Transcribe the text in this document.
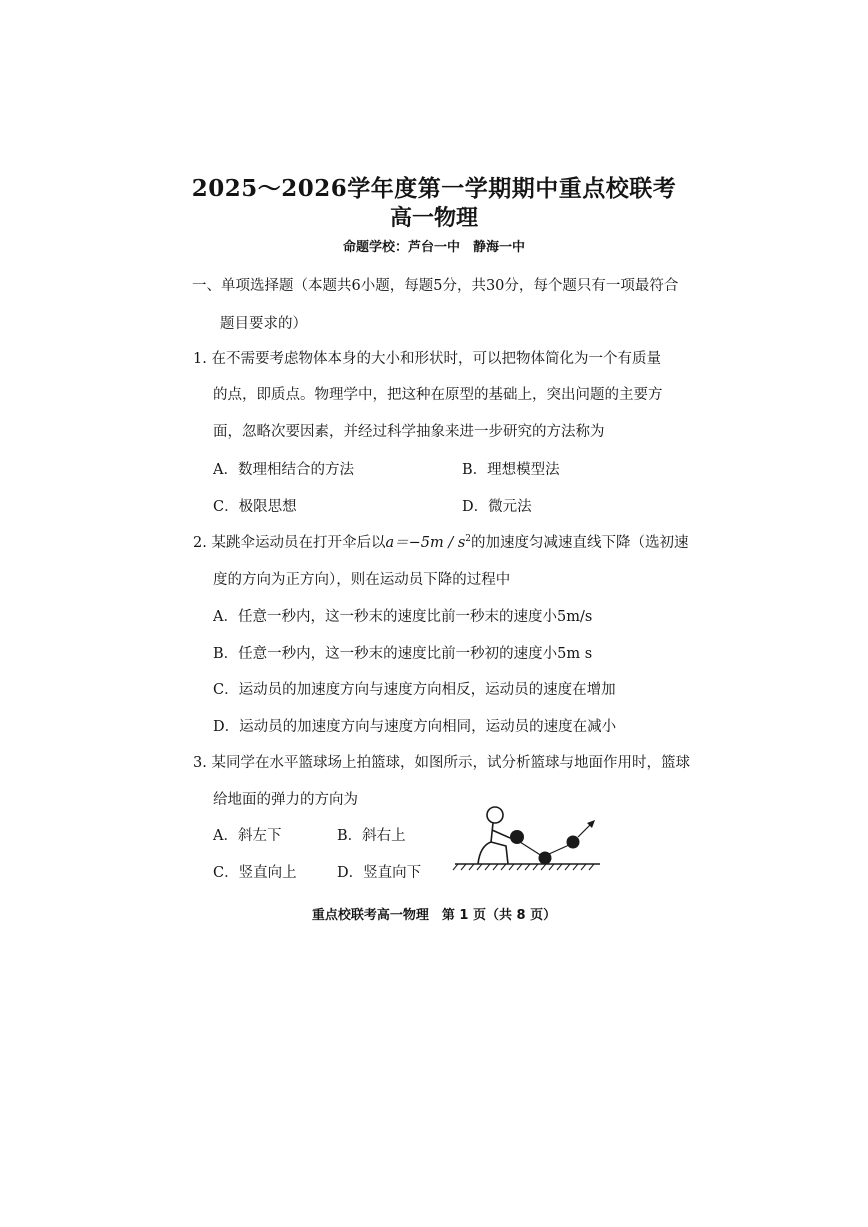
2025～2026学年度第一学期期中重点校联考
高一物理
命题学校：芦台一中　静海一中
一、单项选择题（本题共6小题，每题5分，共30分，每个题只有一项最符合
题目要求的）
1. 在不需要考虑物体本身的大小和形状时，可以把物体简化为一个有质量
的点，即质点。物理学中，把这种在原型的基础上，突出问题的主要方
面，忽略次要因素，并经过科学抽象来进一步研究的方法称为
A．数理相结合的方法	B．理想模型法
C．极限思想	D．微元法
2. 某跳伞运动员在打开伞后以$a=-5m / s^2$的加速度匀减速直线下降（选初速
度的方向为正方向），则在运动员下降的过程中
A．任意一秒内，这一秒末的速度比前一秒末的速度小5m/s
B．任意一秒内，这一秒末的速度比前一秒初的速度小5m s
C．运动员的加速度方向与速度方向相反，运动员的速度在增加
D．运动员的加速度方向与速度方向相同，运动员的速度在减小
3. 某同学在水平篮球场上拍篮球，如图所示，试分析篮球与地面作用时，篮球
给地面的弹力的方向为
A．斜左下	B．斜右上
C．竖直向上	D．竖直向下
重点校联考高一物理　第 1 页（共 8 页）
